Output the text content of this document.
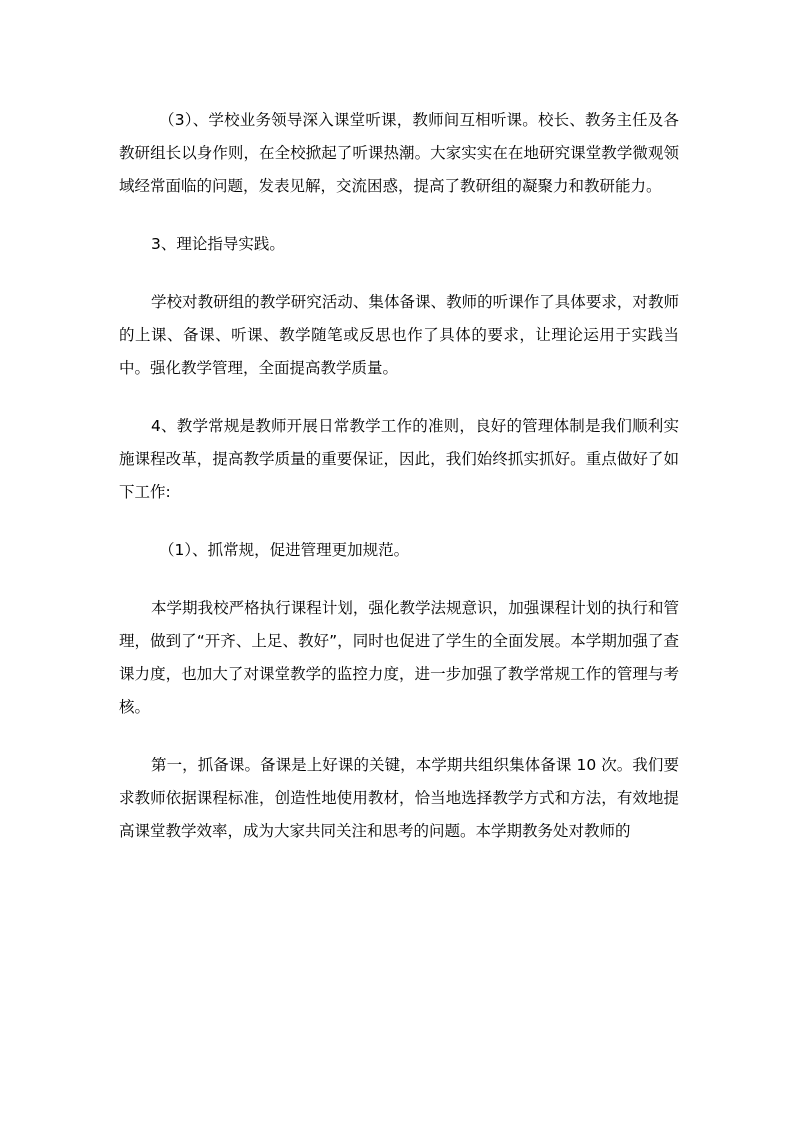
（3）、学校业务领导深入课堂听课，教师间互相听课。校长、教务主任及各教研组长以身作则，在全校掀起了听课热潮。大家实实在在地研究课堂教学微观领域经常面临的问题，发表见解，交流困惑，提高了教研组的凝聚力和教研能力。

3、理论指导实践。

学校对教研组的教学研究活动、集体备课、教师的听课作了具体要求，对教师的上课、备课、听课、教学随笔或反思也作了具体的要求，让理论运用于实践当中。强化教学管理，全面提高教学质量。

4、教学常规是教师开展日常教学工作的准则，良好的管理体制是我们顺利实施课程改革，提高教学质量的重要保证，因此，我们始终抓实抓好。重点做好了如下工作:

（1）、抓常规，促进管理更加规范。

本学期我校严格执行课程计划，强化教学法规意识，加强课程计划的执行和管理，做到了“开齐、上足、教好”，同时也促进了学生的全面发展。本学期加强了查课力度，也加大了对课堂教学的监控力度，进一步加强了教学常规工作的管理与考核。

第一，抓备课。备课是上好课的关键，本学期共组织集体备课 10 次。我们要求教师依据课程标准，创造性地使用教材，恰当地选择教学方式和方法，有效地提高课堂教学效率，成为大家共同关注和思考的问题。本学期教务处对教师的
